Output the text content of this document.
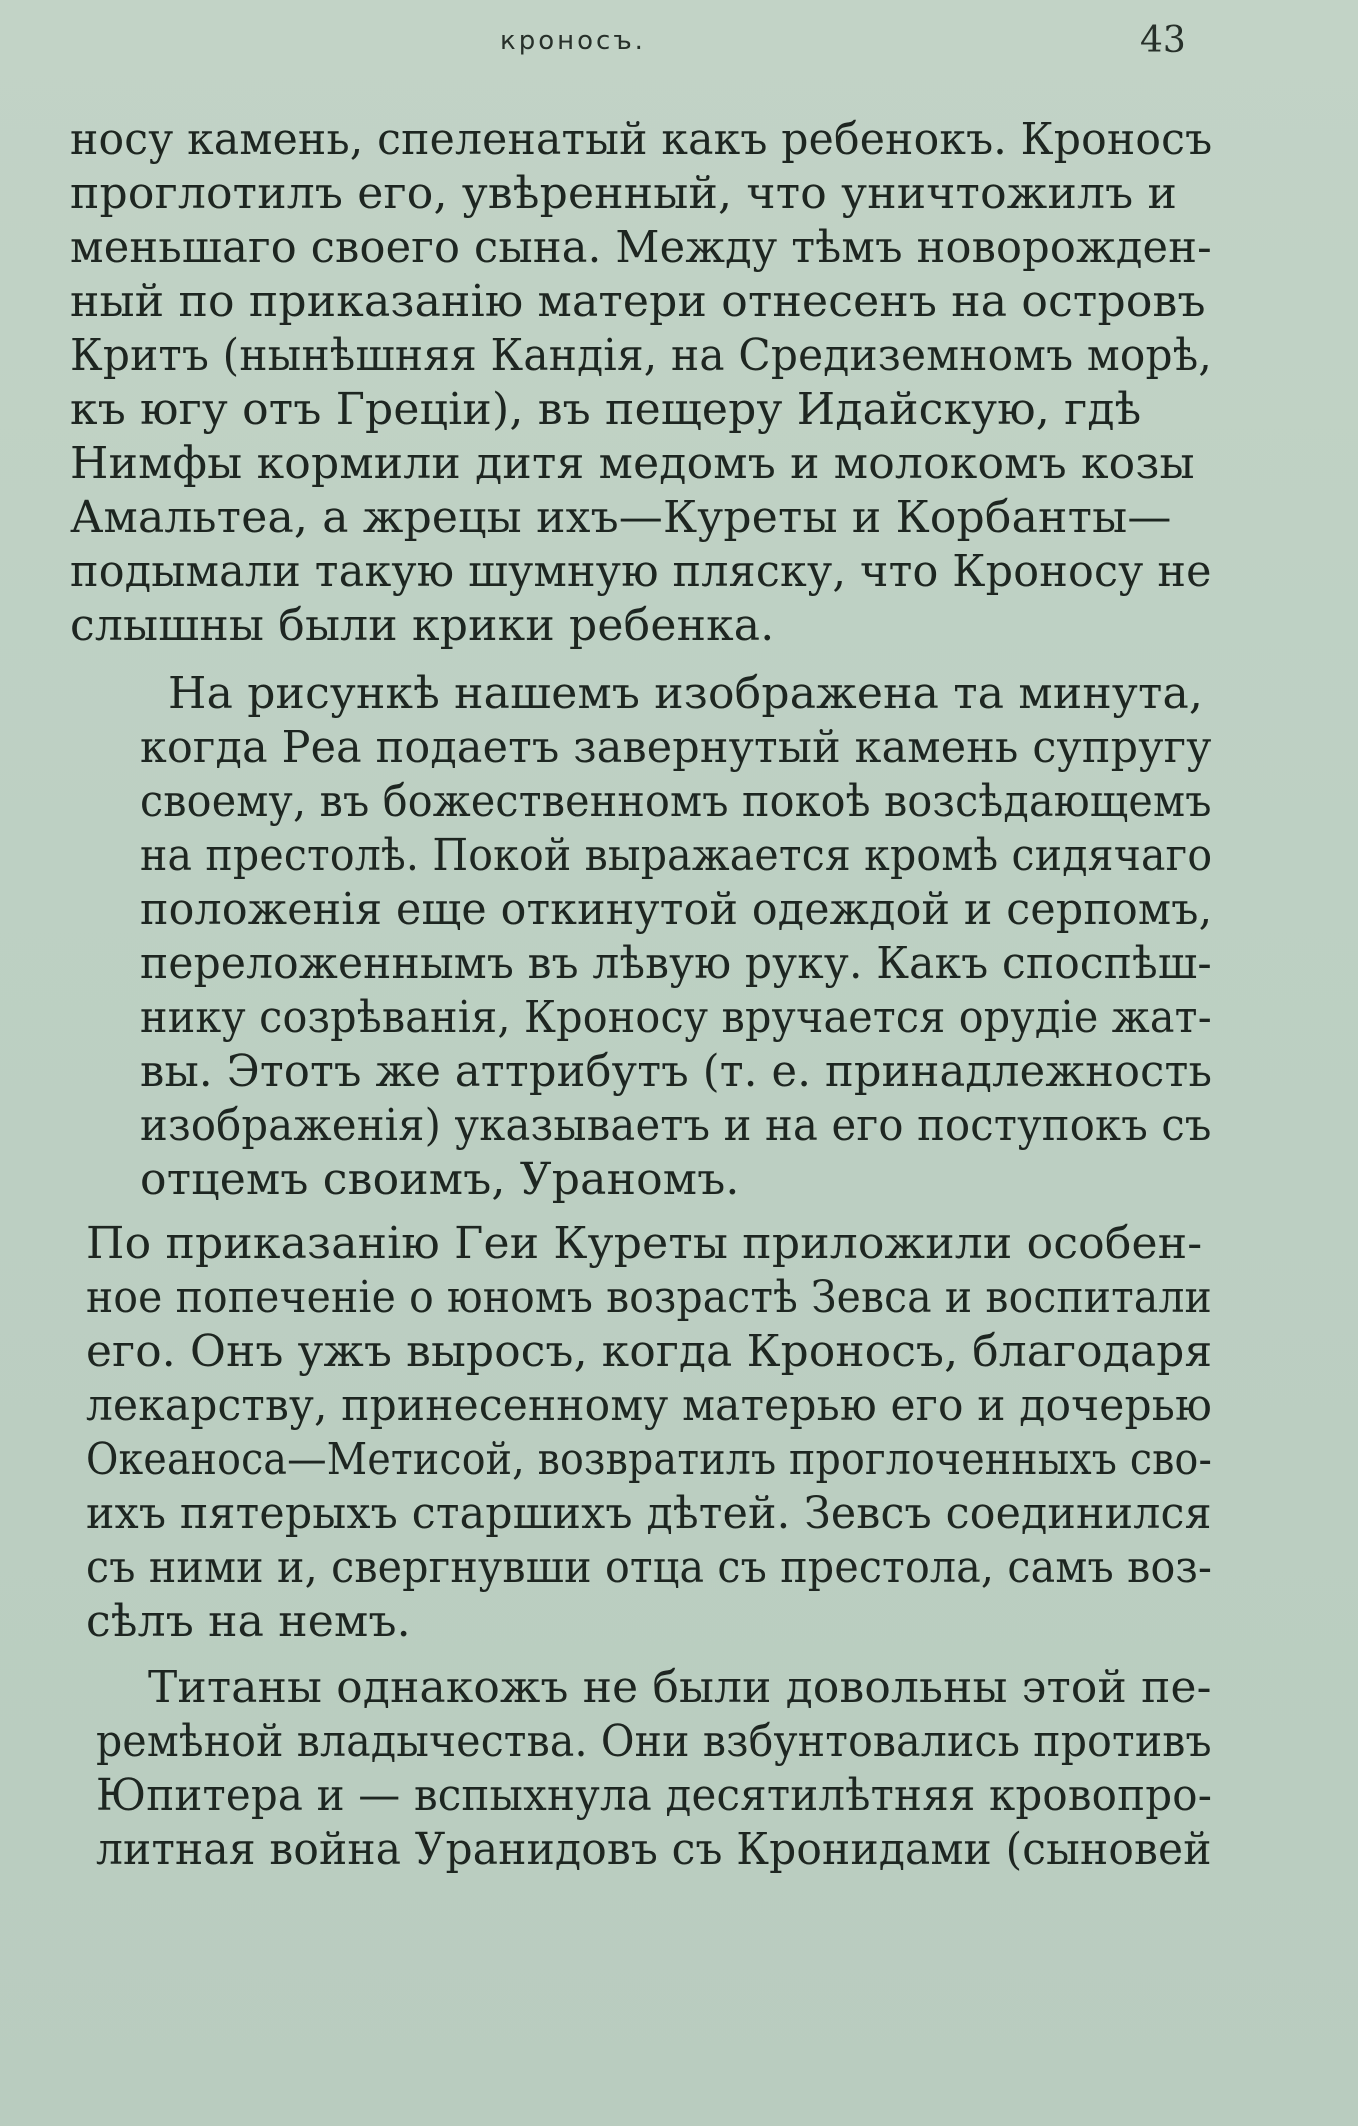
кроносъ.	43
носу камень, спеленатый какъ ребенокъ. Кроносъ
проглотилъ его, увѣренный, что уничтожилъ и
меньшаго своего сына. Между тѣмъ новорожден-
ный по приказанію матери отнесенъ на островъ
Критъ (нынѣшняя Кандія, на Средиземномъ морѣ,
къ югу отъ Греціи), въ пещеру Идайскую, гдѣ
Нимфы кормили дитя медомъ и молокомъ козы
Амальтеа, а жрецы ихъ—Куреты и Корбанты—
подымали такую шумную пляску, что Кроносу не
слышны были крики ребенка.
На рисункѣ нашемъ изображена та минута,
когда Реа подаетъ завернутый камень супругу
своему, въ божественномъ покоѣ возсѣдающемъ
на престолѣ. Покой выражается кромѣ сидячаго
положенія еще откинутой одеждой и серпомъ,
переложеннымъ въ лѣвую руку. Какъ споспѣш-
нику созрѣванія, Кроносу вручается орудіе жат-
вы. Этотъ же аттрибутъ (т. е. принадлежность
изображенія) указываетъ и на его поступокъ съ
отцемъ своимъ, Ураномъ.
По приказанію Геи Куреты приложили особен-
ное попеченіе о юномъ возрастѣ Зевса и воспитали
его. Онъ ужъ выросъ, когда Кроносъ, благодаря
лекарству, принесенному матерью его и дочерью
Океаноса—Метисой, возвратилъ проглоченныхъ сво-
ихъ пятерыхъ старшихъ дѣтей. Зевсъ соединился
съ ними и, свергнувши отца съ престола, самъ воз-
сѣлъ на немъ.
Титаны однакожъ не были довольны этой пе-
ремѣной владычества. Они взбунтовались противъ
Юпитера и — вспыхнула десятилѣтняя кровопро-
литная война Уранидовъ съ Кронидами (сыновей
